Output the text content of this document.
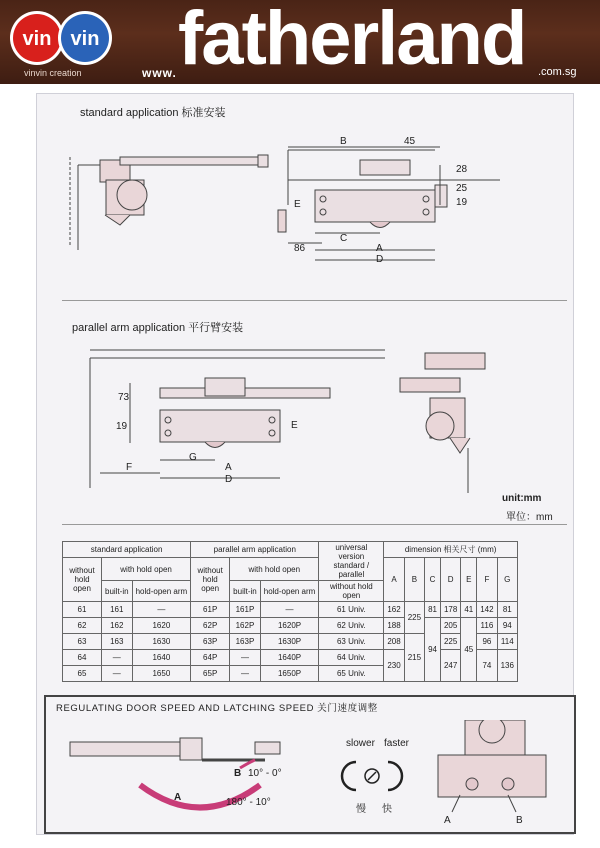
vin vin
vinvin creation	www. fatherland .com.sg
standard application 标准安装
B	45
28
25
19
E
C
86	A
D
parallel arm application 平行臂安装
73
19	E
G
F	A
D
unit:mm
單位：mm
standard application			parallel arm application			universal version standard / parallel	dimension 相关尺寸 (mm)						
without hold open	with hold open		without hold open	with hold open			A	B	C	D	E	F	G
	built-in	hold-open arm		built-in	hold-open arm	without hold open							
61	161	—	61P	161P	—	61 Univ.	162	225	81	178	41	142	81
62	162	1620	62P	162P	1620P	62 Univ.	188		94	205	45	116	94
63	163	1630	63P	163P	1630P	63 Univ.	208	215		225		96	114
64	—	1640	64P	—	1640P	64 Univ.	230			247		74	136
65	—	1650	65P	—	1650P	65 Univ.							
REGULATING DOOR SPEED AND LATCHING SPEED 关门速度调整
B 10° - 0°
A	180° - 10°
slower faster
慢 快
A	B
